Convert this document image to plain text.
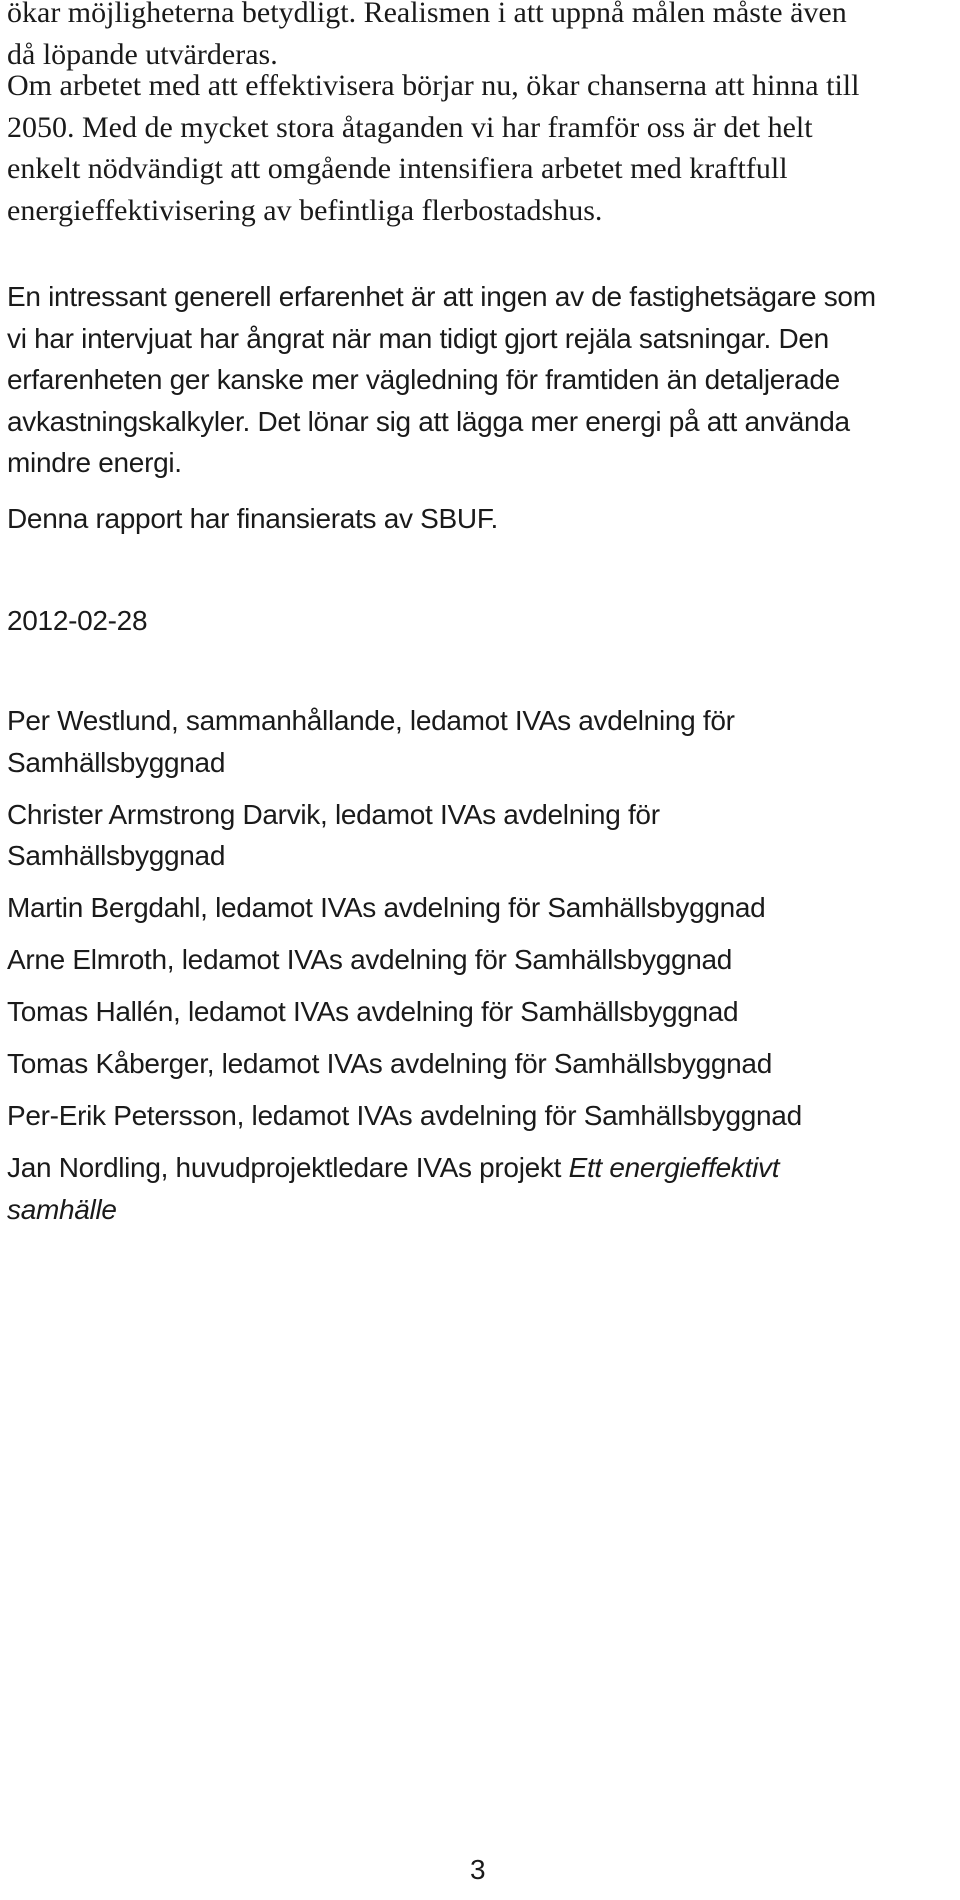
ökar möjligheterna betydligt. Realismen i att uppnå målen måste även
då löpande utvärderas.

Om arbetet med att effektivisera börjar nu, ökar chanserna att hinna till
2050. Med de mycket stora åtaganden vi har framför oss är det helt
enkelt nödvändigt att omgående intensifiera arbetet med kraftfull
energieffektivisering av befintliga flerbostadshus.

En intressant generell erfarenhet är att ingen av de fastighetsägare som
vi har intervjuat har ångrat när man tidigt gjort rejäla satsningar. Den
erfarenheten ger kanske mer vägledning för framtiden än detaljerade
avkastningskalkyler. Det lönar sig att lägga mer energi på att använda
mindre energi.

Denna rapport har finansierats av SBUF.

2012-02-28

Per Westlund, sammanhållande, ledamot IVAs avdelning för
Samhällsbyggnad

Christer Armstrong Darvik, ledamot IVAs avdelning för
Samhällsbyggnad

Martin Bergdahl, ledamot IVAs avdelning för Samhällsbyggnad

Arne Elmroth, ledamot IVAs avdelning för Samhällsbyggnad

Tomas Hallén, ledamot IVAs avdelning för Samhällsbyggnad

Tomas Kåberger, ledamot IVAs avdelning för Samhällsbyggnad

Per-Erik Petersson, ledamot IVAs avdelning för Samhällsbyggnad

Jan Nordling, huvudprojektledare IVAs projekt Ett energieffektivt
samhälle

3
